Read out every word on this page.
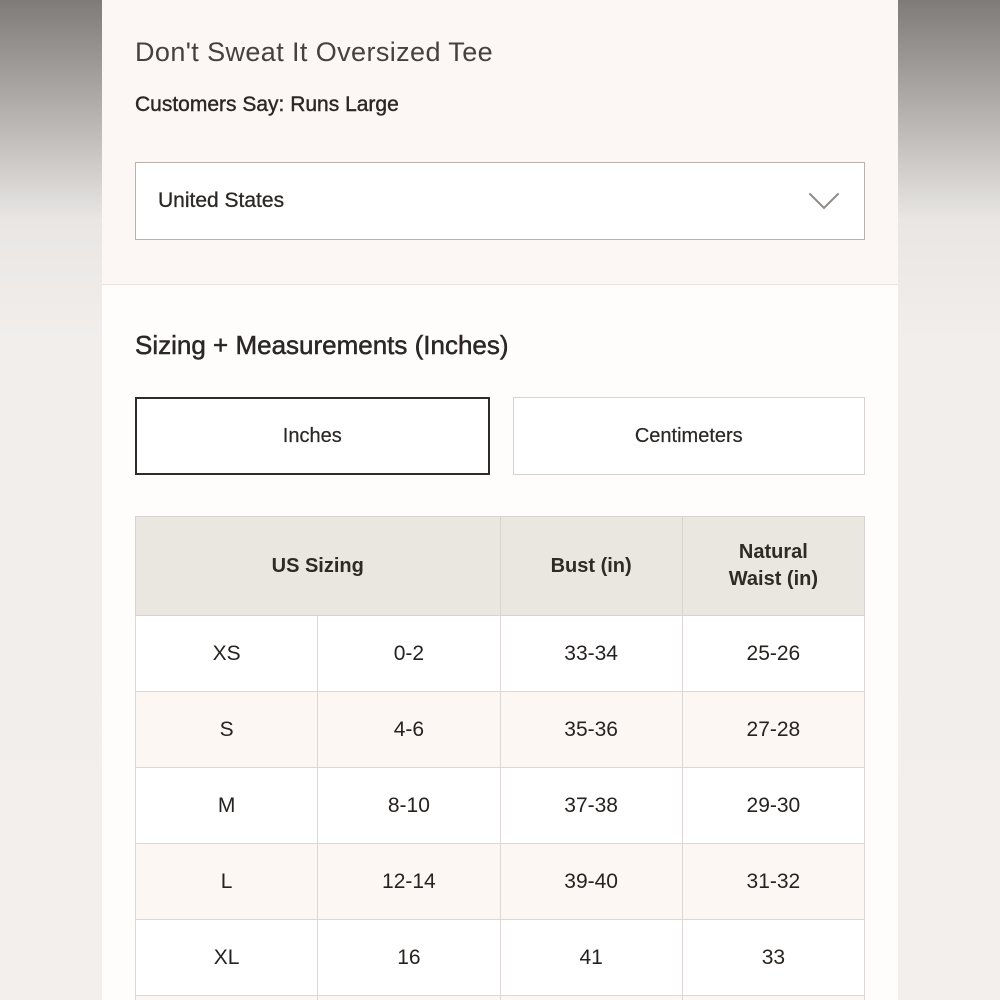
Don't Sweat It Oversized Tee
Customers Say: Runs Large
United States
Sizing + Measurements (Inches)
Inches	Centimeters
US Sizing		Bust (in)	Natural Waist (in)
XS	0-2	33-34	25-26
S	4-6	35-36	27-28
M	8-10	37-38	29-30
L	12-14	39-40	31-32
XL	16	41	33
